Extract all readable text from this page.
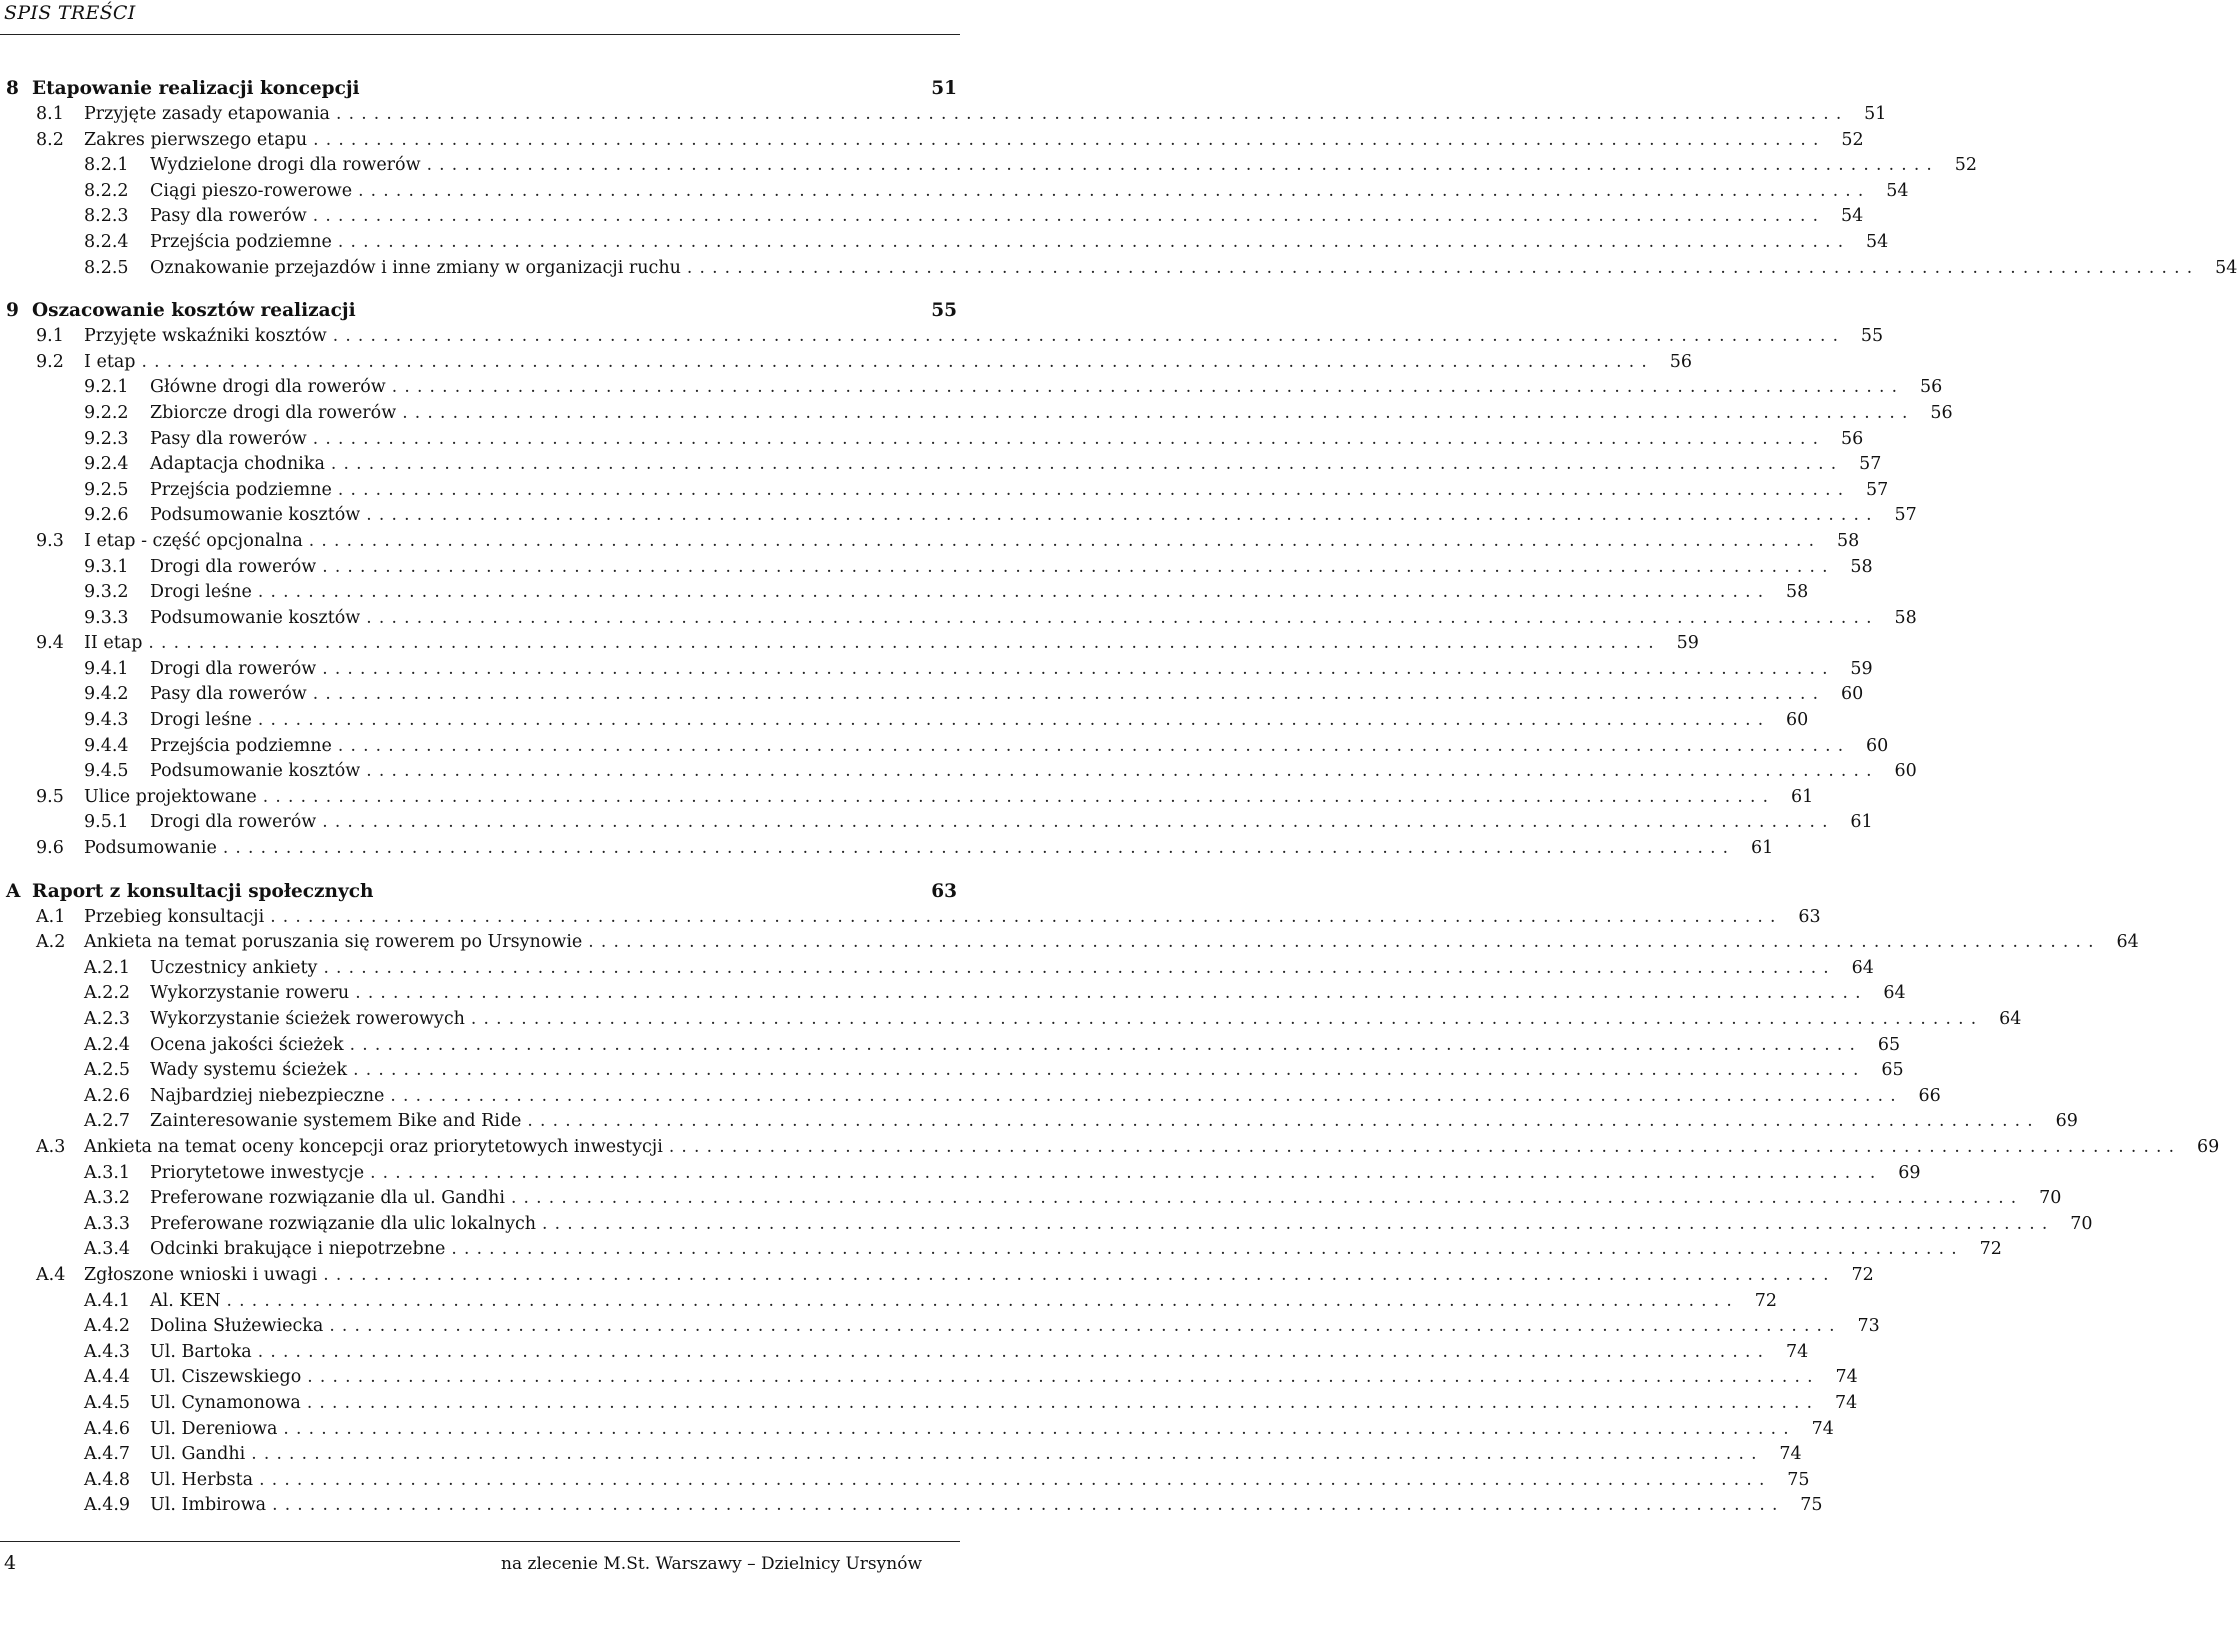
SPIS TREŚCI
8 Etapowanie realizacji koncepcji	51
8.1	Przyjęte zasady etapowania ........................................................................................................................ 51
8.2	Zakres pierwszego etapu ........................................................................................................................ 52
8.2.1	Wydzielone drogi dla rowerów ........................................................................................................................ 52
8.2.2	Ciągi pieszo-rowerowe ........................................................................................................................ 54
8.2.3	Pasy dla rowerów ........................................................................................................................ 54
8.2.4	Przejścia podziemne ........................................................................................................................ 54
8.2.5	Oznakowanie przejazdów i inne zmiany w organizacji ruchu ........................................................................................................................ 54
9 Oszacowanie kosztów realizacji	55
9.1	Przyjęte wskaźniki kosztów ........................................................................................................................ 55
9.2	I etap ........................................................................................................................ 56
9.2.1	Główne drogi dla rowerów ........................................................................................................................ 56
9.2.2	Zbiorcze drogi dla rowerów ........................................................................................................................ 56
9.2.3	Pasy dla rowerów ........................................................................................................................ 56
9.2.4	Adaptacja chodnika ........................................................................................................................ 57
9.2.5	Przejścia podziemne ........................................................................................................................ 57
9.2.6	Podsumowanie kosztów ........................................................................................................................ 57
9.3	I etap - część opcjonalna ........................................................................................................................ 58
9.3.1	Drogi dla rowerów ........................................................................................................................ 58
9.3.2	Drogi leśne ........................................................................................................................ 58
9.3.3	Podsumowanie kosztów ........................................................................................................................ 58
9.4	II etap ........................................................................................................................ 59
9.4.1	Drogi dla rowerów ........................................................................................................................ 59
9.4.2	Pasy dla rowerów ........................................................................................................................ 60
9.4.3	Drogi leśne ........................................................................................................................ 60
9.4.4	Przejścia podziemne ........................................................................................................................ 60
9.4.5	Podsumowanie kosztów ........................................................................................................................ 60
9.5	Ulice projektowane ........................................................................................................................ 61
9.5.1	Drogi dla rowerów ........................................................................................................................ 61
9.6	Podsumowanie ........................................................................................................................ 61
A Raport z konsultacji społecznych	63
A.1	Przebieg konsultacji ........................................................................................................................ 63
A.2	Ankieta na temat poruszania się rowerem po Ursynowie ........................................................................................................................ 64
A.2.1	Uczestnicy ankiety ........................................................................................................................ 64
A.2.2	Wykorzystanie roweru ........................................................................................................................ 64
A.2.3	Wykorzystanie ścieżek rowerowych ........................................................................................................................ 64
A.2.4	Ocena jakości ścieżek ........................................................................................................................ 65
A.2.5	Wady systemu ścieżek ........................................................................................................................ 65
A.2.6	Najbardziej niebezpieczne ........................................................................................................................ 66
A.2.7	Zainteresowanie systemem Bike and Ride ........................................................................................................................ 69
A.3	Ankieta na temat oceny koncepcji oraz priorytetowych inwestycji ........................................................................................................................ 69
A.3.1	Priorytetowe inwestycje ........................................................................................................................ 69
A.3.2	Preferowane rozwiązanie dla ul. Gandhi ........................................................................................................................ 70
A.3.3	Preferowane rozwiązanie dla ulic lokalnych ........................................................................................................................ 70
A.3.4	Odcinki brakujące i niepotrzebne ........................................................................................................................ 72
A.4	Zgłoszone wnioski i uwagi ........................................................................................................................ 72
A.4.1	Al. KEN ........................................................................................................................ 72
A.4.2	Dolina Służewiecka ........................................................................................................................ 73
A.4.3	Ul. Bartoka ........................................................................................................................ 74
A.4.4	Ul. Ciszewskiego ........................................................................................................................ 74
A.4.5	Ul. Cynamonowa ........................................................................................................................ 74
A.4.6	Ul. Dereniowa ........................................................................................................................ 74
A.4.7	Ul. Gandhi ........................................................................................................................ 74
A.4.8	Ul. Herbsta ........................................................................................................................ 75
A.4.9	Ul. Imbirowa ........................................................................................................................ 75
4	na zlecenie M.St. Warszawy – Dzielnicy Ursynów
